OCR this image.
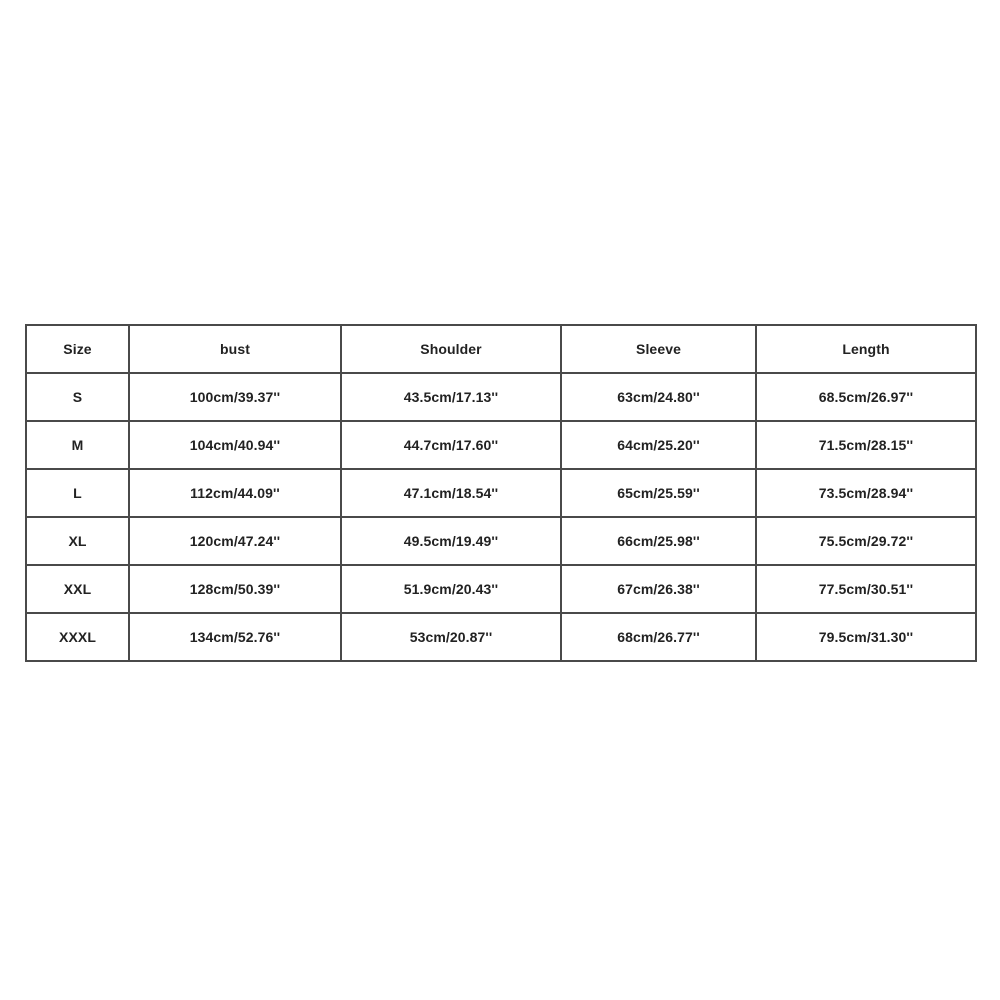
Size	bust	Shoulder	Sleeve	Length
S	100cm/39.37''	43.5cm/17.13''	63cm/24.80''	68.5cm/26.97''
M	104cm/40.94''	44.7cm/17.60''	64cm/25.20''	71.5cm/28.15''
L	112cm/44.09''	47.1cm/18.54''	65cm/25.59''	73.5cm/28.94''
XL	120cm/47.24''	49.5cm/19.49''	66cm/25.98''	75.5cm/29.72''
XXL	128cm/50.39''	51.9cm/20.43''	67cm/26.38''	77.5cm/30.51''
XXXL	134cm/52.76''	53cm/20.87''	68cm/26.77''	79.5cm/31.30''
